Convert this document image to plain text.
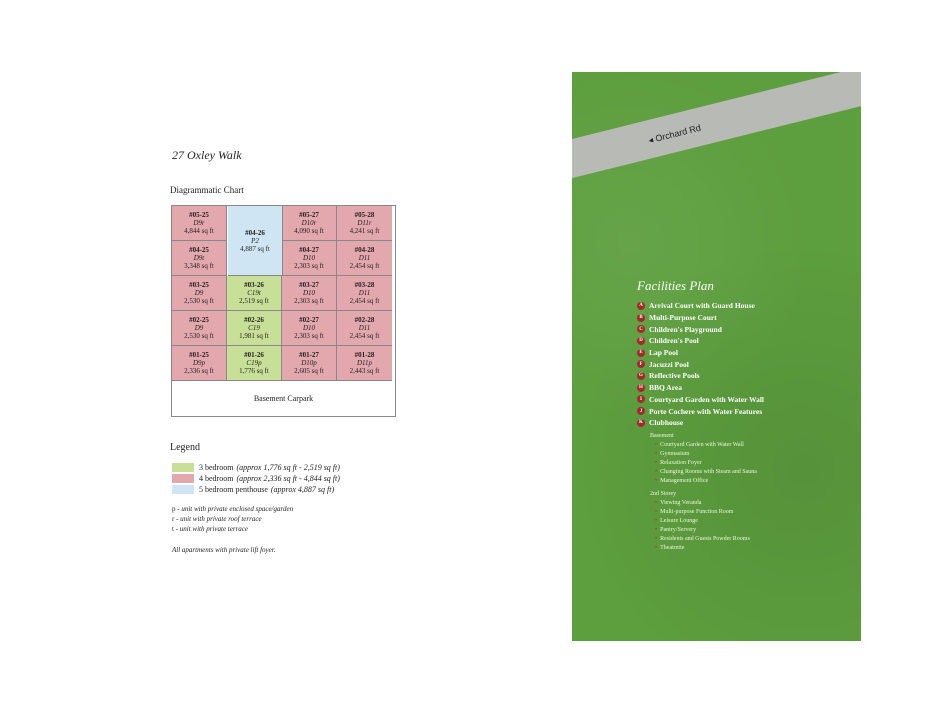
27 Oxley Walk
Diagrammatic Chart
#05-25
D9r
4,844 sq ft
#05-27
D10r
4,090 sq ft
#05-28
D11r
4,241 sq ft
#04-25
D9t
3,348 sq ft
#04-27
D10
2,303 sq ft
#04-28
D11
2,454 sq ft
#03-25
D9
2,530 sq ft
#03-26
C19t
2,519 sq ft
#03-27
D10
2,303 sq ft
#03-28
D11
2,454 sq ft
#02-25
D9
2,530 sq ft
#02-26
C19
1,981 sq ft
#02-27
D10
2,303 sq ft
#02-28
D11
2,454 sq ft
#01-25
D9p
2,336 sq ft
#01-26
C19p
1,776 sq ft
#01-27
D10p
2,605 sq ft
#01-28
D11p
2,443 sq ft
#04-26
P2
4,887 sq ft
Basement Carpark
Legend
3 bedroom (approx 1,776 sq ft - 2,519 sq ft)
4 bedroom (approx 2,336 sq ft - 4,844 sq ft)
5 bedroom penthouse (approx 4,887 sq ft)
p - unit with private enclosed space/garden
r - unit with private roof terrace
t - unit with private terrace
All apartments with private lift foyer.
◂ Orchard Rd
Facilities Plan
A Arrival Court with Guard House
B Multi-Purpose Court
C Children's Playground
D Children's Pool
E Lap Pool
F Jacuzzi Pool
G Reflective Pools
H BBQ Area
I Courtyard Garden with Water Wall
J Porte Cochere with Water Features
K Clubhouse
Basement
• Courtyard Garden with Water Wall
• Gymnasium
• Relaxation Foyer
• Changing Rooms with Steam and Sauna
• Management Office
2nd Storey
• Viewing Veranda
• Multi-purpose Function Room
• Leisure Lounge
• Pantry/Servery
• Residents and Guests Powder Rooms
• Theatrette
